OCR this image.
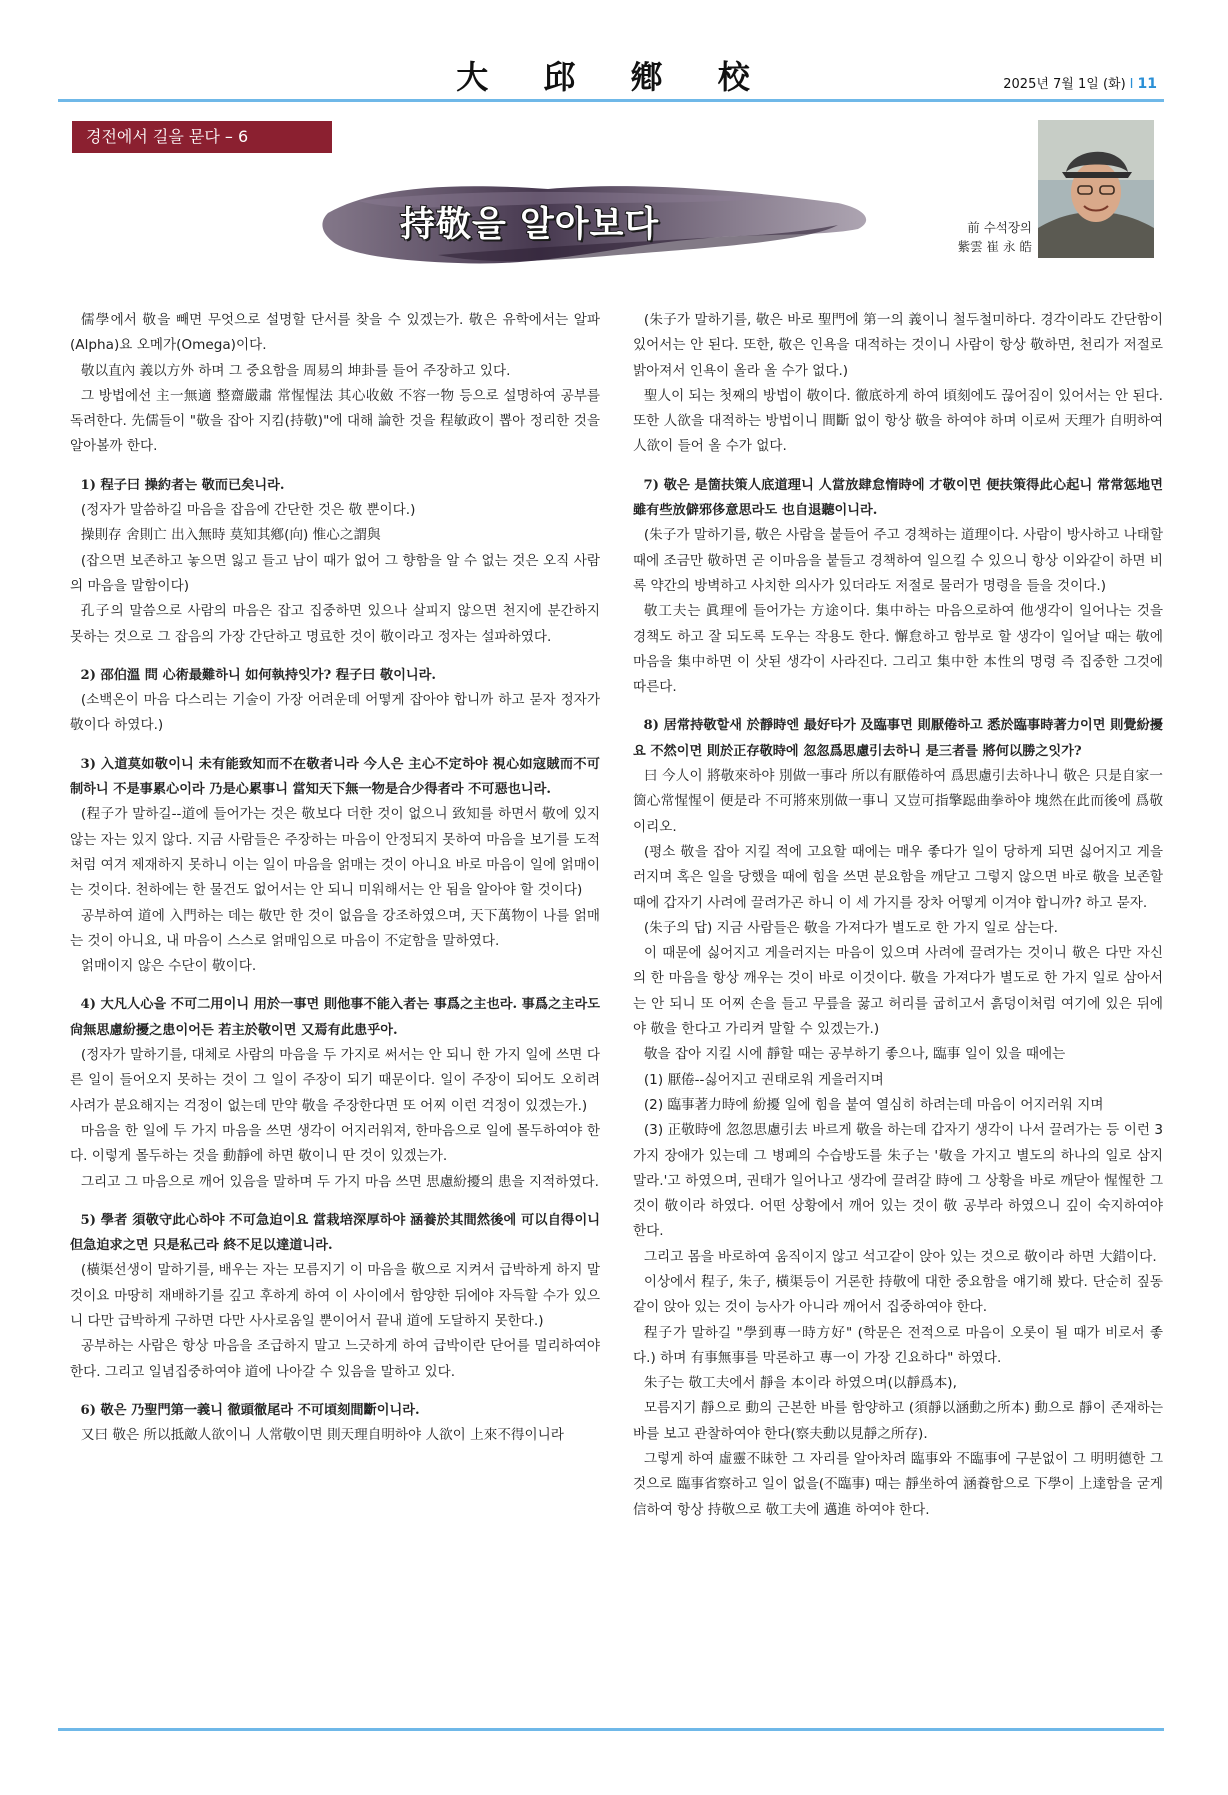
大 邱 鄕 校	2025년 7월 1일 (화) I 11
경전에서 길을 묻다 – 6
持敬을 알아보다	前 수석장의
紫雲 崔 永 皓

儒學에서 敬을 빼면 무엇으로 설명할 단서를 찾을 수 있겠는가. 敬은 유학에서는 알파(Alpha)요 오메가(Omega)이다.

敬以直內 義以方外 하며 그 중요함을 周易의 坤卦를 들어 주장하고 있다.

그 방법에선 主一無適 整齋嚴肅 常惺惺法 其心收斂 不容一物 등으로 설명하여 공부를 독려한다. 先儒들이 "敬을 잡아 지킴(持敬)"에 대해 論한 것을 程敏政이 뽑아 정리한 것을 알아볼까 한다.

1) 程子曰 操約者는 敬而已矣니라.

(정자가 말씀하길 마음을 잡음에 간단한 것은 敬 뿐이다.)

操則存 舍則亡 出入無時 莫知其鄕(向) 惟心之謂與

(잡으면 보존하고 놓으면 잃고 들고 남이 때가 없어 그 향함을 알 수 없는 것은 오직 사람의 마음을 말함이다)

孔子의 말씀으로 사람의 마음은 잡고 집중하면 있으나 살피지 않으면 천지에 분간하지 못하는 것으로 그 잡음의 가장 간단하고 명료한 것이 敬이라고 정자는 설파하였다.

2) 邵伯溫 問 心術最難하니 如何執持잇가? 程子曰 敬이니라.

(소백온이 마음 다스리는 기술이 가장 어려운데 어떻게 잡아야 합니까 하고 묻자 정자가 敬이다 하였다.)

3) 入道莫如敬이니 未有能致知而不在敬者니라 今人은 主心不定하야 視心如寇賊而不可制하니 不是事累心이라 乃是心累事니 當知天下無一物是合少得者라 不可惡也니라.

(程子가 말하길--道에 들어가는 것은 敬보다 더한 것이 없으니 致知를 하면서 敬에 있지 않는 자는 있지 않다. 지금 사람들은 주장하는 마음이 안정되지 못하여 마음을 보기를 도적처럼 여겨 제재하지 못하니 이는 일이 마음을 얽매는 것이 아니요 바로 마음이 일에 얽매이는 것이다. 천하에는 한 물건도 없어서는 안 되니 미워해서는 안 됨을 알아야 할 것이다)

공부하여 道에 入門하는 데는 敬만 한 것이 없음을 강조하였으며, 天下萬物이 나를 얽매는 것이 아니요, 내 마음이 스스로 얽매임으로 마음이 不定함을 말하였다.

얽매이지 않은 수단이 敬이다.

4) 大凡人心을 不可二用이니 用於一事면 則他事不能入者는 事爲之主也라. 事爲之主라도 尙無思慮紛擾之患이어든 若主於敬이면 又焉有此患乎아.

(정자가 말하기를, 대체로 사람의 마음을 두 가지로 써서는 안 되니 한 가지 일에 쓰면 다른 일이 들어오지 못하는 것이 그 일이 주장이 되기 때문이다. 일이 주장이 되어도 오히려 사려가 분요해지는 걱정이 없는데 만약 敬을 주장한다면 또 어찌 이런 걱정이 있겠는가.)

마음을 한 일에 두 가지 마음을 쓰면 생각이 어지러워져, 한마음으로 일에 몰두하여야 한다. 이렇게 몰두하는 것을 動靜에 하면 敬이니 딴 것이 있겠는가.

그리고 그 마음으로 깨어 있음을 말하며 두 가지 마음 쓰면 思慮紛擾의 患을 지적하였다.

5) 學者 須敬守此心하야 不可急迫이요 當栽培深厚하야 涵養於其間然後에 可以自得이니 但急迫求之면 只是私己라 終不足以達道니라.

(橫渠선생이 말하기를, 배우는 자는 모름지기 이 마음을 敬으로 지켜서 급박하게 하지 말 것이요 마땅히 재배하기를 깊고 후하게 하여 이 사이에서 함양한 뒤에야 자득할 수가 있으니 다만 급박하게 구하면 다만 사사로움일 뿐이어서 끝내 道에 도달하지 못한다.)

공부하는 사람은 항상 마음을 조급하지 말고 느긋하게 하여 급박이란 단어를 멀리하여야 한다. 그리고 일념집중하여야 道에 나아갈 수 있음을 말하고 있다.

6) 敬은 乃聖門第一義니 徹頭徹尾라 不可頃刻間斷이니라.

又曰 敬은 所以抵敵人欲이니 人常敬이면 則天理自明하야 人欲이 上來不得이니라

(朱子가 말하기를, 敬은 바로 聖門에 第一의 義이니 철두철미하다. 경각이라도 간단함이 있어서는 안 된다. 또한, 敬은 인욕을 대적하는 것이니 사람이 항상 敬하면, 천리가 저절로 밝아져서 인욕이 올라 올 수가 없다.)

聖人이 되는 첫째의 방법이 敬이다. 徹底하게 하여 頃刻에도 끊어짐이 있어서는 안 된다. 또한 人欲을 대적하는 방법이니 間斷 없이 항상 敬을 하여야 하며 이로써 天理가 自明하여 人欲이 들어 올 수가 없다.

7) 敬은 是箇扶策人底道理니 人當放肆怠惰時에 才敬이면 便扶策得此心起니 常常惩地면 雖有些放僻邪侈意思라도 也自退聽이니라.

(朱子가 말하기를, 敬은 사람을 붙들어 주고 경책하는 道理이다. 사람이 방사하고 나태할 때에 조금만 敬하면 곧 이마음을 붙들고 경책하여 일으킬 수 있으니 항상 이와같이 하면 비록 약간의 방벽하고 사치한 의사가 있더라도 저절로 물러가 명령을 들을 것이다.)

敬工夫는 眞理에 들어가는 方途이다. 集中하는 마음으로하여 他생각이 일어나는 것을 경책도 하고 잘 되도록 도우는 작용도 한다. 懈怠하고 함부로 할 생각이 일어날 때는 敬에 마음을 集中하면 이 삿된 생각이 사라진다. 그리고 集中한 本性의 명령 즉 집중한 그것에 따른다.

8) 居常持敬할새 於靜時엔 最好타가 及臨事면 則厭倦하고 悉於臨事時著力이면 則覺紛擾요 不然이면 則於正存敬時에 忽忽爲思慮引去하니 是三者를 將何以勝之잇가?

曰 今人이 將敬來하야 別做一事라 所以有厭倦하여 爲思慮引去하나니 敬은 只是自家一箇心常惺惺이 便是라 不可將來別做一事니 又豈可指擎跽曲拳하야 塊然在此而後에 爲敬이리오.

(평소 敬을 잡아 지킬 적에 고요할 때에는 매우 좋다가 일이 당하게 되면 싫어지고 게을러지며 혹은 일을 당했을 때에 힘을 쓰면 분요함을 깨닫고 그렇지 않으면 바로 敬을 보존할 때에 갑자기 사려에 끌려가곤 하니 이 세 가지를 장차 어떻게 이겨야 합니까? 하고 묻자.

(朱子의 답) 지금 사람들은 敬을 가져다가 별도로 한 가지 일로 삼는다.

이 때문에 싫어지고 게을러지는 마음이 있으며 사려에 끌려가는 것이니 敬은 다만 자신의 한 마음을 항상 깨우는 것이 바로 이것이다. 敬을 가져다가 별도로 한 가지 일로 삼아서는 안 되니 또 어찌 손을 들고 무릎을 꿇고 허리를 굽히고서 흙덩이처럼 여기에 있은 뒤에야 敬을 한다고 가리켜 말할 수 있겠는가.)

敬을 잡아 지킬 시에 靜할 때는 공부하기 좋으나, 臨事 일이 있을 때에는

(1) 厭倦--싫어지고 권태로워 게을러지며

(2) 臨事著力時에 紛擾 일에 힘을 붙여 열심히 하려는데 마음이 어지러워 지며

(3) 正敬時에 忽忽思慮引去 바르게 敬을 하는데 갑자기 생각이 나서 끌려가는 등 이런 3가지 장애가 있는데 그 병폐의 수습방도를 朱子는 '敬을 가지고 별도의 하나의 일로 삼지 말라.'고 하였으며, 권태가 일어나고 생각에 끌려갈 時에 그 상황을 바로 깨닫아 惺惺한 그것이 敬이라 하였다. 어떤 상황에서 깨어 있는 것이 敬 공부라 하였으니 깊이 숙지하여야 한다.

그리고 몸을 바로하여 움직이지 않고 석고같이 앉아 있는 것으로 敬이라 하면 大錯이다.

이상에서 程子, 朱子, 橫渠등이 거론한 持敬에 대한 중요함을 얘기해 봤다. 단순히 짚동같이 앉아 있는 것이 능사가 아니라 깨어서 집중하여야 한다.

程子가 말하길 "學到專一時方好" (학문은 전적으로 마음이 오롯이 될 때가 비로서 좋다.) 하며 有事無事를 막론하고 專一이 가장 긴요하다" 하였다.

朱子는 敬工夫에서 靜을 本이라 하였으며(以靜爲本),

모름지기 靜으로 動의 근본한 바를 함양하고 (須靜以涵動之所本) 動으로 靜이 존재하는 바를 보고 관찰하여야 한다(察夫動以見靜之所存).

그렇게 하여 虛靈不昧한 그 자리를 알아차려 臨事와 不臨事에 구분없이 그 明明德한 그것으로 臨事省察하고 일이 없을(不臨事) 때는 靜坐하여 涵養함으로 下學이 上達함을 굳게 信하여 항상 持敬으로 敬工夫에 邁進 하여야 한다.
